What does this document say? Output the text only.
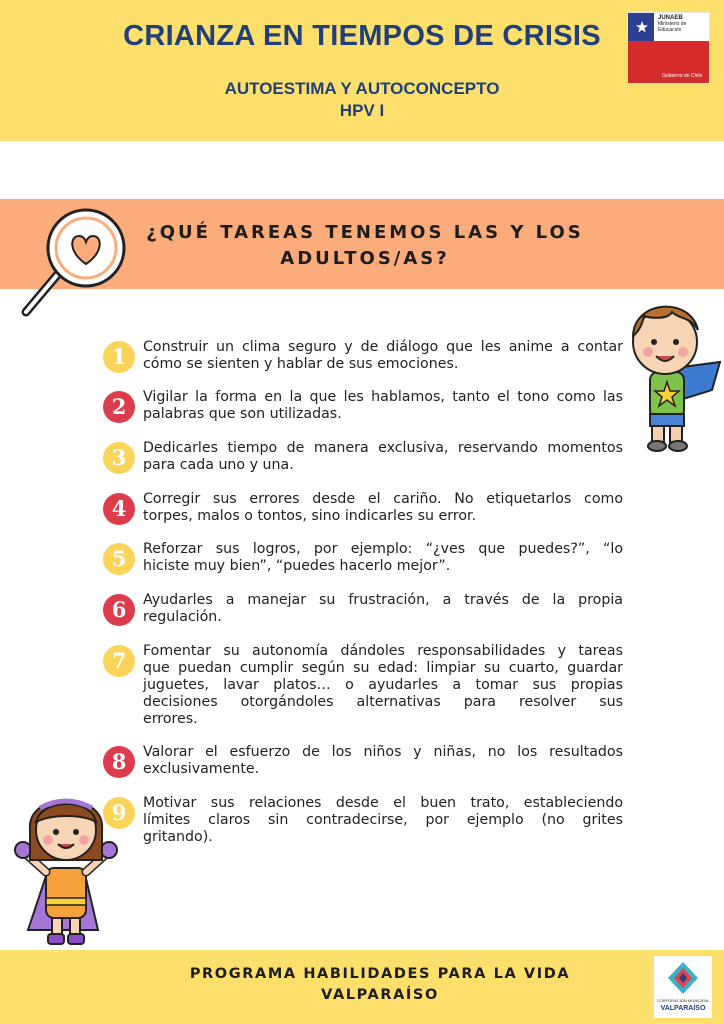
CRIANZA EN TIEMPOS DE CRISIS
AUTOESTIMA Y AUTOCONCEPTO
HPV I
JUNAEB
Ministerio de
Educación
Gobierno de Chile
¿QUÉ TAREAS TENEMOS LAS Y LOS
ADULTOS/AS?
1	Construir un clima seguro y de diálogo que les anime a contar
cómo se sienten y hablar de sus emociones.
2	Vigilar la forma en la que les hablamos, tanto el tono como las
palabras que son utilizadas.
3	Dedicarles tiempo de manera exclusiva, reservando momentos
para cada uno y una.
4	Corregir sus errores desde el cariño. No etiquetarlos como
torpes, malos o tontos, sino indicarles su error.
5	Reforzar sus logros, por ejemplo: “¿ves que puedes?”, “lo
hiciste muy bien”, “puedes hacerlo mejor”.
6	Ayudarles a manejar su frustración, a través de la propia
regulación.
7	Fomentar su autonomía dándoles responsabilidades y tareas
que puedan cumplir según su edad: limpiar su cuarto, guardar
juguetes, lavar platos… o ayudarles a tomar sus propias
decisiones otorgándoles alternativas para resolver sus
errores.
8	Valorar el esfuerzo de los niños y niñas, no los resultados
exclusivamente.
9	Motivar sus relaciones desde el buen trato, estableciendo
límites claros sin contradecirse, por ejemplo (no grites
gritando).
PROGRAMA HABILIDADES PARA LA VIDA
VALPARAÍSO	CORPORACIÓN MUNICIPAL
VALPARAÍSO
